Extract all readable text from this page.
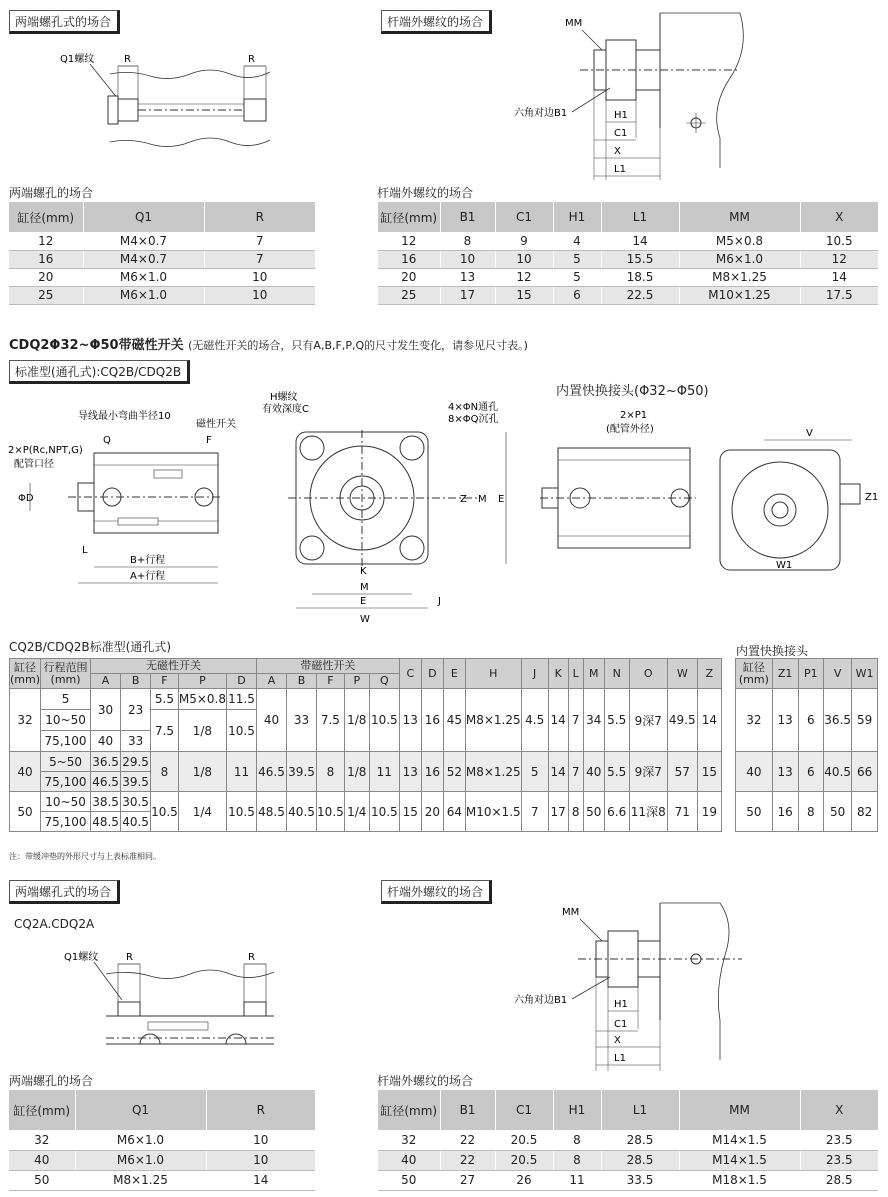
两端螺孔式的场合	杆端外螺纹的场合
Q1螺纹	R	R
MM
六角对边B1	H1
C1
X
L1
两端螺孔的场合	杆端外螺纹的场合
缸径(mm)	Q1	R
12	M4×0.7	7
16	M4×0.7	7
20	M6×1.0	10
25	M6×1.0	10
缸径(mm)	B1	C1	H1	L1	MM	X
12	8	9	4	14	M5×0.8	10.5
16	10	10	5	15.5	M6×1.0	12
20	13	12	5	18.5	M8×1.25	14
25	17	15	6	22.5	M10×1.25	17.5
CDQ2Φ32~Φ50带磁性开关 (无磁性开关的场合，只有A,B,F,P,Q的尺寸发生变化，请参见尺寸表。)
标准型(通孔式):CQ2B/CDQ2B
内置快换接头(Φ32~Φ50)
导线最小弯曲半径10
磁性开关
2×P(Rc,NPT,G)
配管口径
Q	F
ΦD
L
B+行程
A+行程
H螺纹
有效深度C	4×ΦN通孔
8×ΦQ沉孔
Z M E
K
M
E
W
J
2×P1
(配管外径)	V
Z1
W1
CQ2B/CDQ2B标准型(通孔式)	内置快换接头
缸径(mm)	行程范围(mm)	无磁性开关					带磁性开关					C	D	E	H	J	K	L	M	N	O	W	Z
		A	B	F	P	D	A	B	F	P	Q												
32	5	30	23	5.5	M5×0.8	11.5	40	33	7.5	1/8	10.5	13	16	45	M8×1.25	4.5	14	7	34	5.5	9深7	49.5	14
	10~50			7.5	1/8	10.5																	
	75,100	40	33																				
40	5~50	36.5	29.5	8	1/8	11	46.5	39.5	8	1/8	11	13	16	52	M8×1.25	5	14	7	40	5.5	9深7	57	15
	75,100	46.5	39.5																				
50	10~50	38.5	30.5	10.5	1/4	10.5	48.5	40.5	10.5	1/4	10.5	15	20	64	M10×1.5	7	17	8	50	6.6	11深8	71	19
	75,100	48.5	40.5																				
缸径(mm)	Z1	P1	V	W1
32	13	6	36.5	59
40	13	6	40.5	66
50	16	8	50	82
注：带缓冲垫的外形尺寸与上表标准相同。
两端螺孔式的场合	杆端外螺纹的场合
CQ2A.CDQ2A
Q1螺纹	R	R
MM
六角对边B1	H1
C1
X
L1
两端螺孔的场合	杆端外螺纹的场合
缸径(mm)	Q1	R
32	M6×1.0	10
40	M6×1.0	10
50	M8×1.25	14
缸径(mm)	B1	C1	H1	L1	MM	X
32	22	20.5	8	28.5	M14×1.5	23.5
40	22	20.5	8	28.5	M14×1.5	23.5
50	27	26	11	33.5	M18×1.5	28.5
